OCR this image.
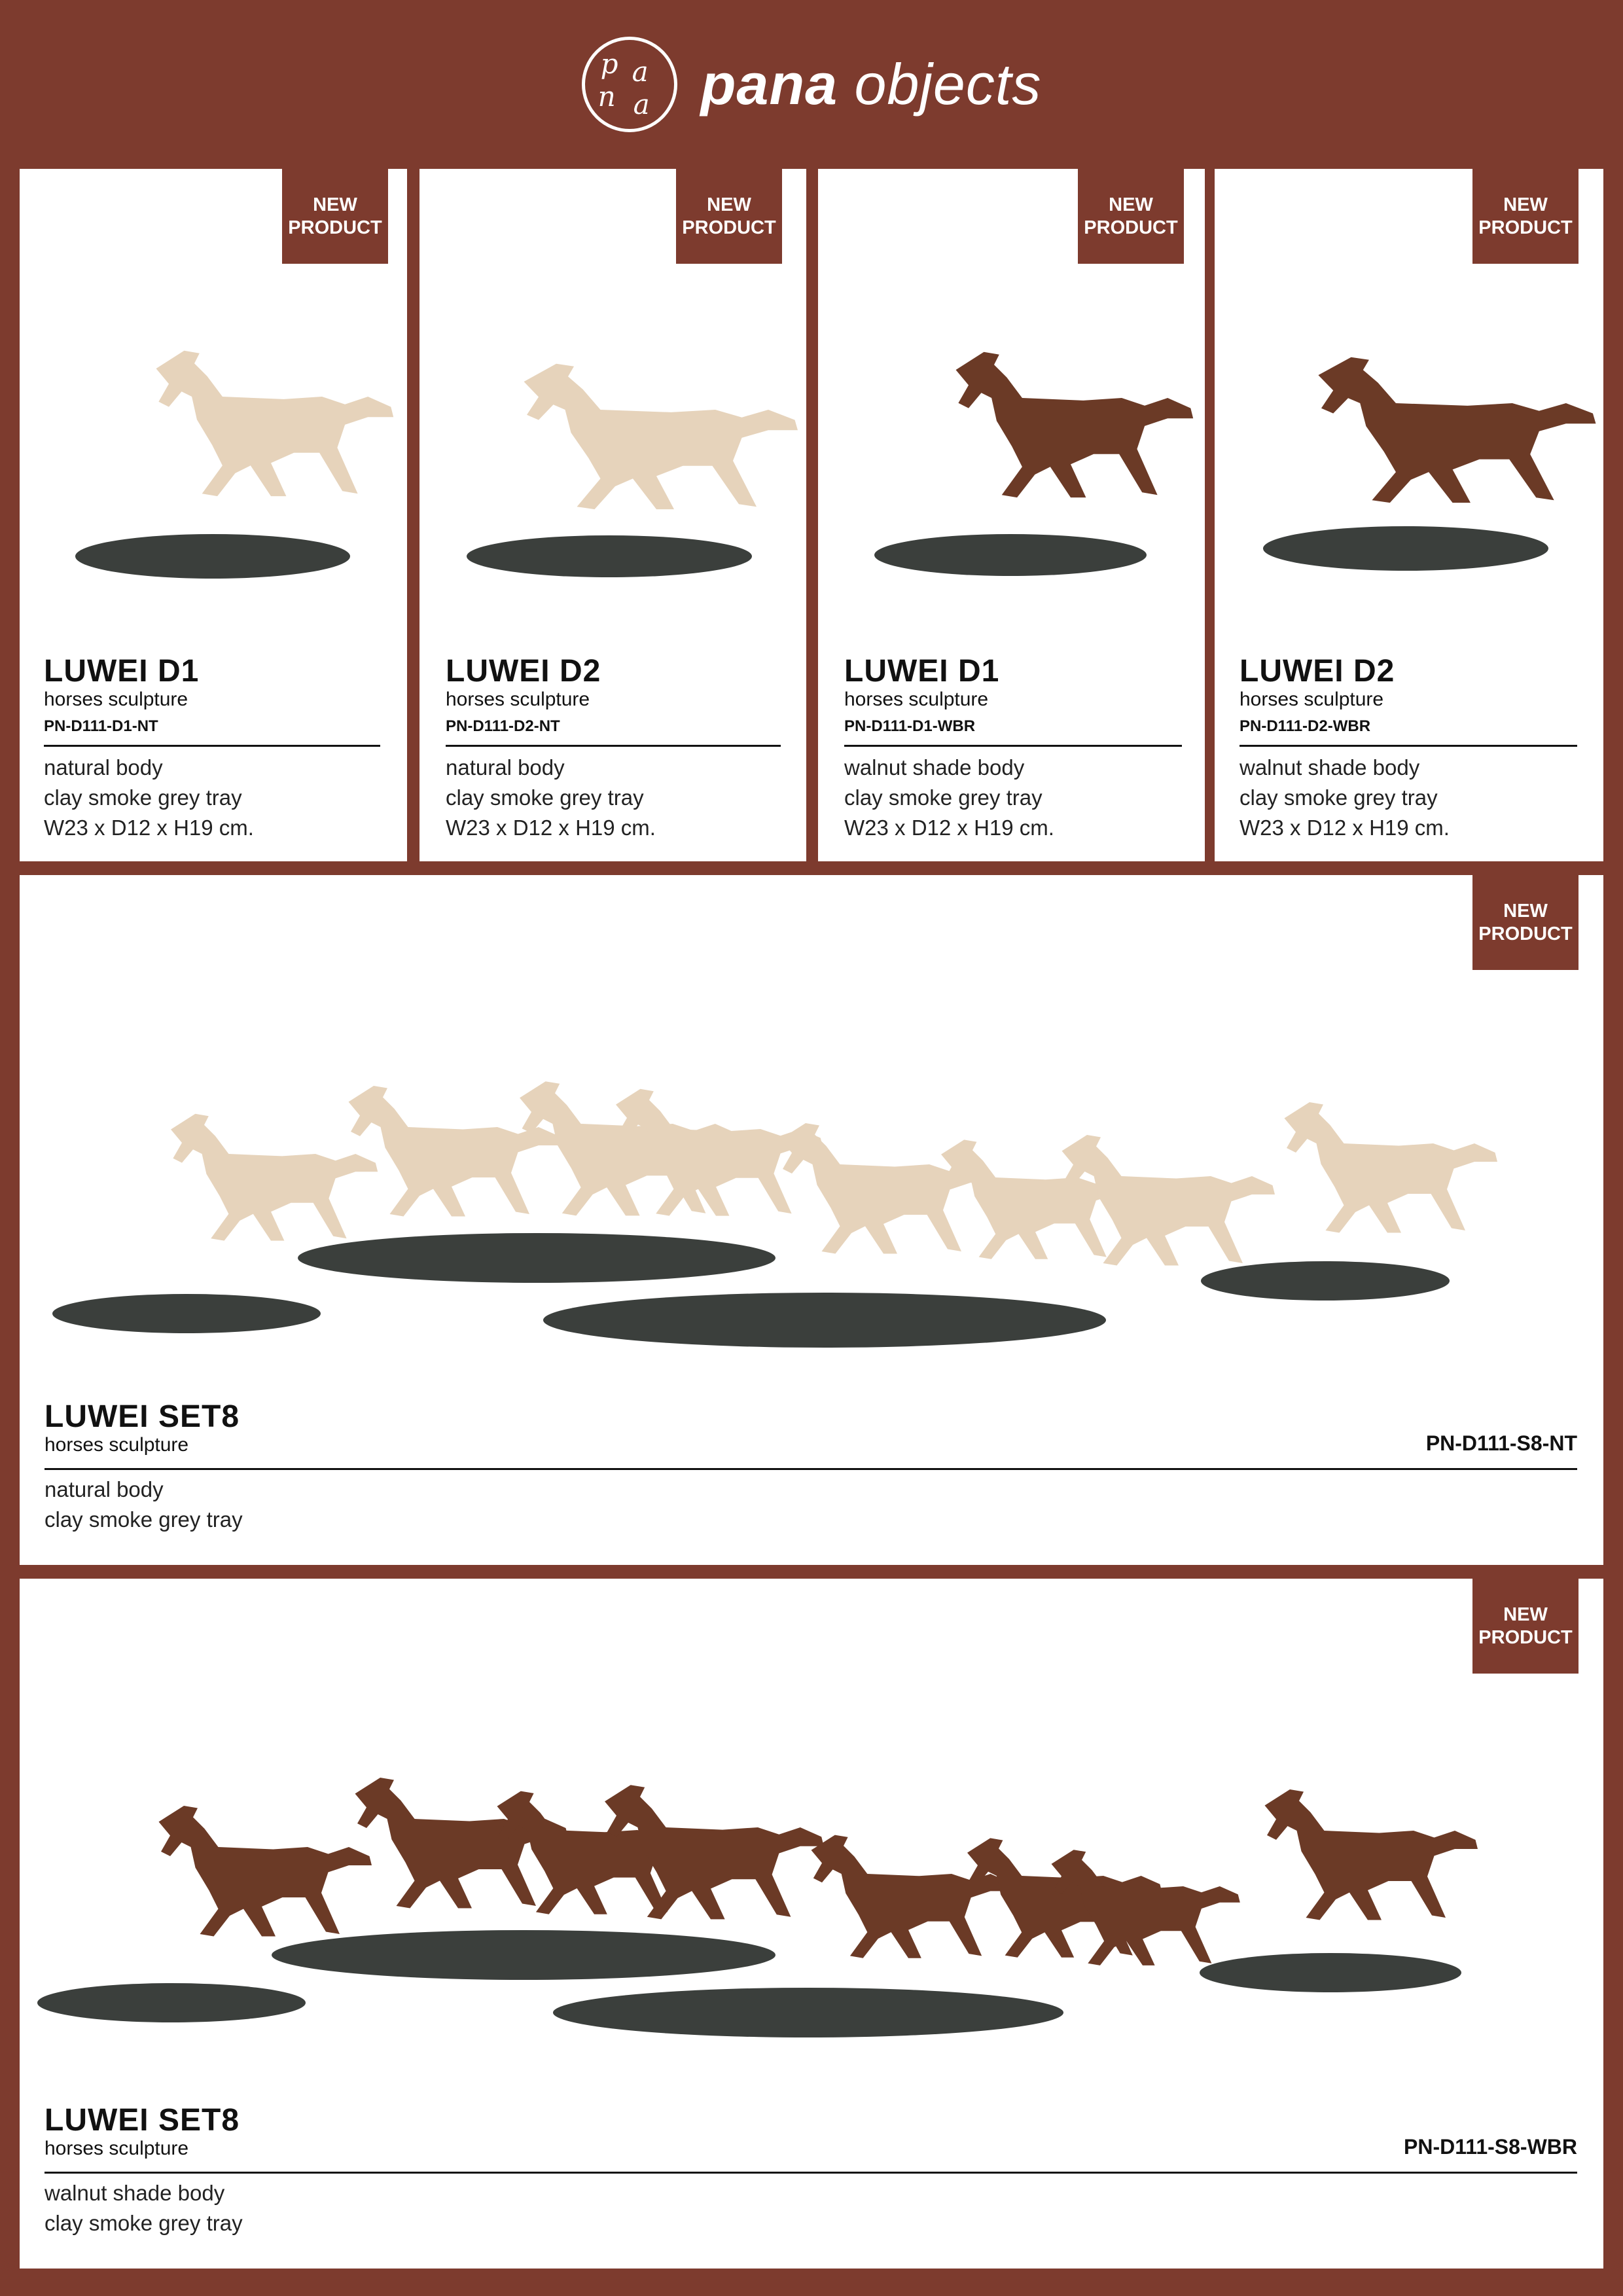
p a
n a pana objects
NEW
PRODUCT
LUWEI D1
horses sculpture
PN-D111-D1-NT
natural body
clay smoke grey tray
W23 x D12 x H19 cm.
NEW
PRODUCT
LUWEI D2
horses sculpture
PN-D111-D2-NT
natural body
clay smoke grey tray
W23 x D12 x H19 cm.
NEW
PRODUCT
LUWEI D1
horses sculpture
PN-D111-D1-WBR
walnut shade body
clay smoke grey tray
W23 x D12 x H19 cm.
NEW
PRODUCT
LUWEI D2
horses sculpture
PN-D111-D2-WBR
walnut shade body
clay smoke grey tray
W23 x D12 x H19 cm.
NEW
PRODUCT
LUWEI SET8
horses sculpture	PN-D111-S8-NT
natural body
clay smoke grey tray
NEW
PRODUCT
LUWEI SET8
horses sculpture	PN-D111-S8-WBR
walnut shade body
clay smoke grey tray
